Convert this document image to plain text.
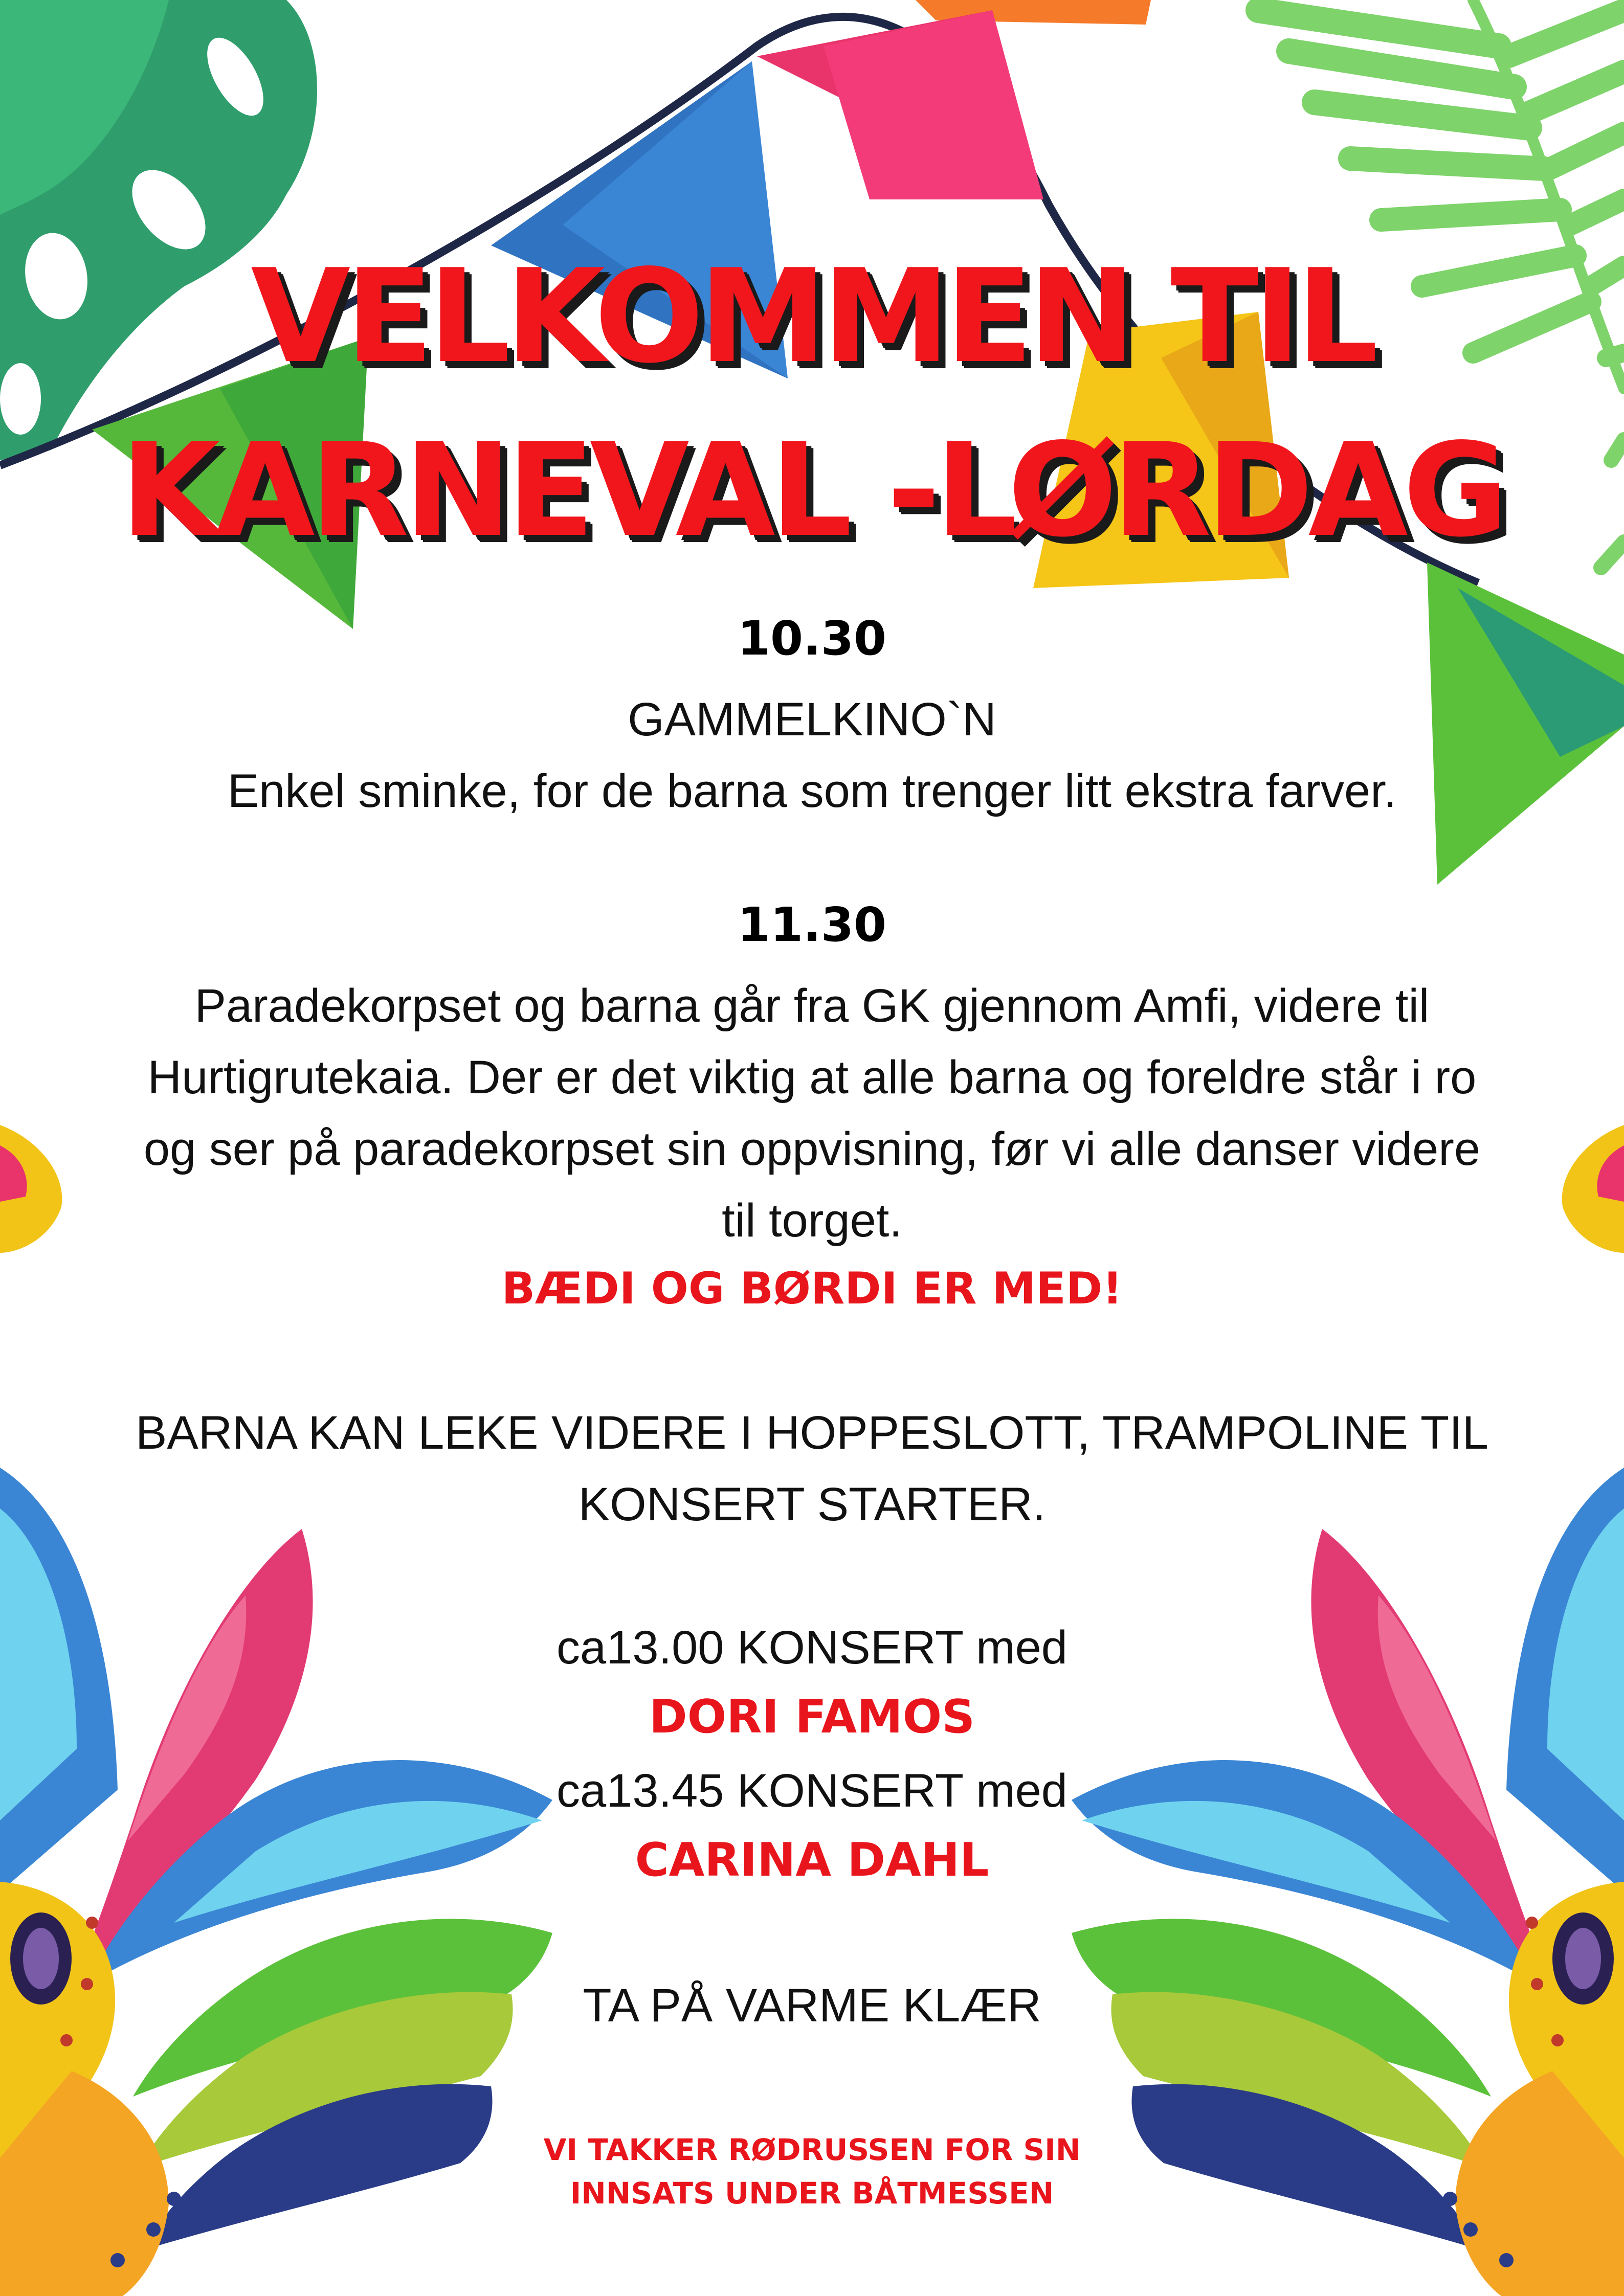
VELKOMMEN TIL
KARNEVAL -LØRDAG
10.30
GAMMELKINO`N
Enkel sminke, for de barna som trenger litt ekstra farver.
11.30
Paradekorpset og barna går fra GK gjennom Amfi, videre til
Hurtigrutekaia. Der er det viktig at alle barna og foreldre står i ro
og ser på paradekorpset sin oppvisning, før vi alle danser videre
til torget.
BÆDI OG BØRDI ER MED!
BARNA KAN LEKE VIDERE I HOPPESLOTT, TRAMPOLINE TIL
KONSERT STARTER.
ca13.00 KONSERT med
DORI FAMOS
ca13.45 KONSERT med
CARINA DAHL
TA PÅ VARME KLÆR
VI TAKKER RØDRUSSEN FOR SIN
INNSATS UNDER BÅTMESSEN
